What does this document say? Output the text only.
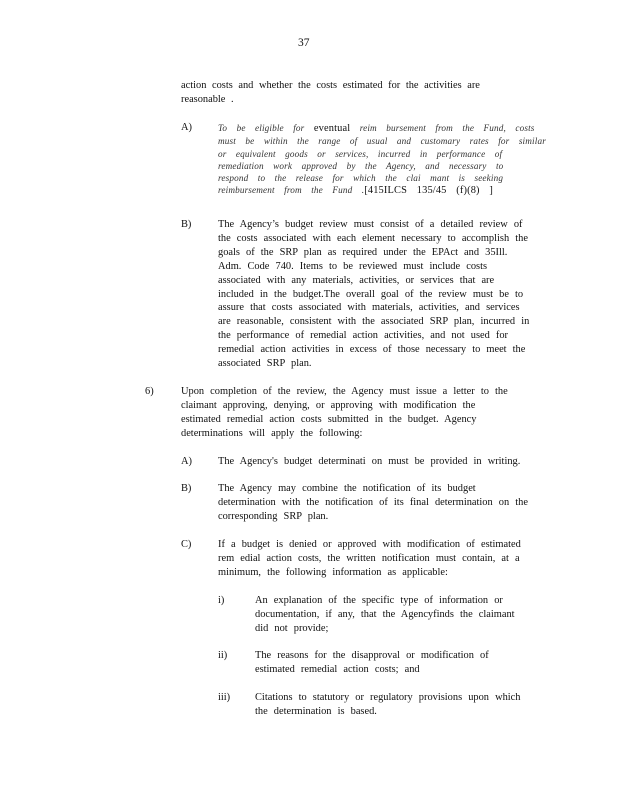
37
action costs and whether the costs estimated for the activities are
reasonable .
A)	To be eligible for eventual reim bursement from the Fund, costs
must be within the range of usual and customary rates for similar
or equivalent goods or services, incurred in performance of
remediation work approved by the Agency, and necessary to
respond to the release for which the clai mant is seeking
reimbursement from the Fund .[415ILCS 135/45 (f)(8) ]
B)	The Agency’s budget review must consist of a detailed review of
the costs associated with each element necessary to accomplish the
goals of the SRP plan as required under the EPAct and 35Ill.
Adm. Code 740. Items to be reviewed must include costs
associated with any materials, activities, or services that are
included in the budget.The overall goal of the review must be to
assure that costs associated with materials, activities, and services
are reasonable, consistent with the associated SRP plan, incurred in
the performance of remedial action activities, and not used for
remedial action activities in excess of those necessary to meet the
associated SRP plan.
6)	Upon completion of the review, the Agency must issue a letter to the
claimant approving, denying, or approving with modification the
estimated remedial action costs submitted in the budget. Agency
determinations will apply the following:
A)	The Agency's budget determinati on must be provided in writing.
B)	The Agency may combine the notification of its budget
determination with the notification of its final determination on the
corresponding SRP plan.
C)	If a budget is denied or approved with modification of estimated
rem edial action costs, the written notification must contain, at a
minimum, the following information as applicable:
i)	An explanation of the specific type of information or
documentation, if any, that the Agencyfinds the claimant
did not provide;
ii)	The reasons for the disapproval or modification of
estimated remedial action costs; and
iii) Citations to statutory or regulatory provisions upon which
the determination is based.
